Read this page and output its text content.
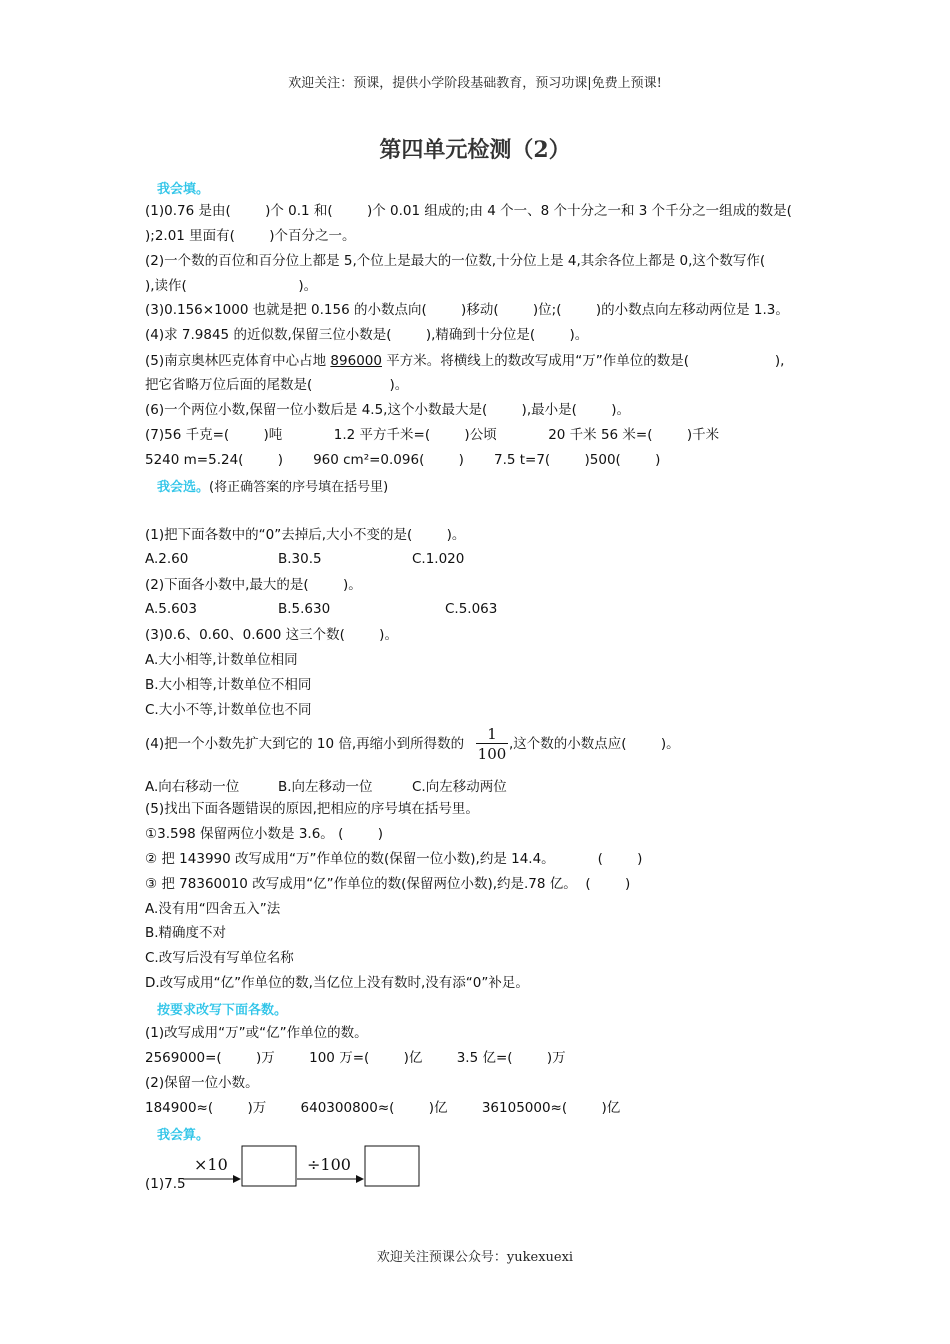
欢迎关注：预课，提供小学阶段基础教育，预习功课|免费上预课!
第四单元检测（2）
我会填。
(1)0.76 是由(        )个 0.1 和(        )个 0.01 组成的;由 4 个一、8 个十分之一和 3 个千分之一组成的数是(
);2.01 里面有(        )个百分之一。
(2)一个数的百位和百分位上都是 5,个位上是最大的一位数,十分位上是 4,其余各位上都是 0,这个数写作(
),读作(                          )。
(3)0.156×1000 也就是把 0.156 的小数点向(        )移动(        )位;(        )的小数点向左移动两位是 1.3。
(4)求 7.9845 的近似数,保留三位小数是(        ),精确到十分位是(        )。
(5)南京奥林匹克体育中心占地 896000 平方米。将横线上的数改写成用“万”作单位的数是(                    ),
把它省略万位后面的尾数是(                  )。
(6)一个两位小数,保留一位小数后是 4.5,这个小数最大是(        ),最小是(        )。
(7)56 千克=(        )吨            1.2 平方千米=(        )公顷            20 千米 56 米=(        )千米
5240 m=5.24(        )       960 cm²=0.096(        )       7.5 t=7(        )500(        )
我会选。(将正确答案的序号填在括号里)
(1)把下面各数中的“0”去掉后,大小不变的是(        )。
A.2.60	B.30.5	C.1.020
(2)下面各小数中,最大的是(        )。
A.5.603	B.5.630	C.5.063
(3)0.6、0.60、0.600 这三个数(        )。
A.大小相等,计数单位相同
B.大小相等,计数单位不相同
C.大小不等,计数单位也不同
(4)把一个小数先扩大到它的 10 倍,再缩小到所得数的 $\frac{1}{100}$ ,这个数的小数点应(        )。
A.向右移动一位	B.向左移动一位	C.向左移动两位
(5)找出下面各题错误的原因,把相应的序号填在括号里。
①3.598 保留两位小数是 3.6。 (        )
② 把 143990 改写成用“万”作单位的数(保留一位小数),约是 14.4。          (        )
③ 把 78360010 改写成用“亿”作单位的数(保留两位小数),约是.78 亿。  (        )
A.没有用“四舍五入”法
B.精确度不对
C.改写后没有写单位名称
D.改写成用“亿”作单位的数,当亿位上没有数时,没有添“0”补足。
按要求改写下面各数。
(1)改写成用“万”或“亿”作单位的数。
2569000=(        )万        100 万=(        )亿        3.5 亿=(        )万
(2)保留一位小数。
184900≈(        )万        640300800≈(        )亿        36105000≈(        )亿
我会算。
(1)7.5
×10	÷100
欢迎关注预课公众号：yukexuexi
